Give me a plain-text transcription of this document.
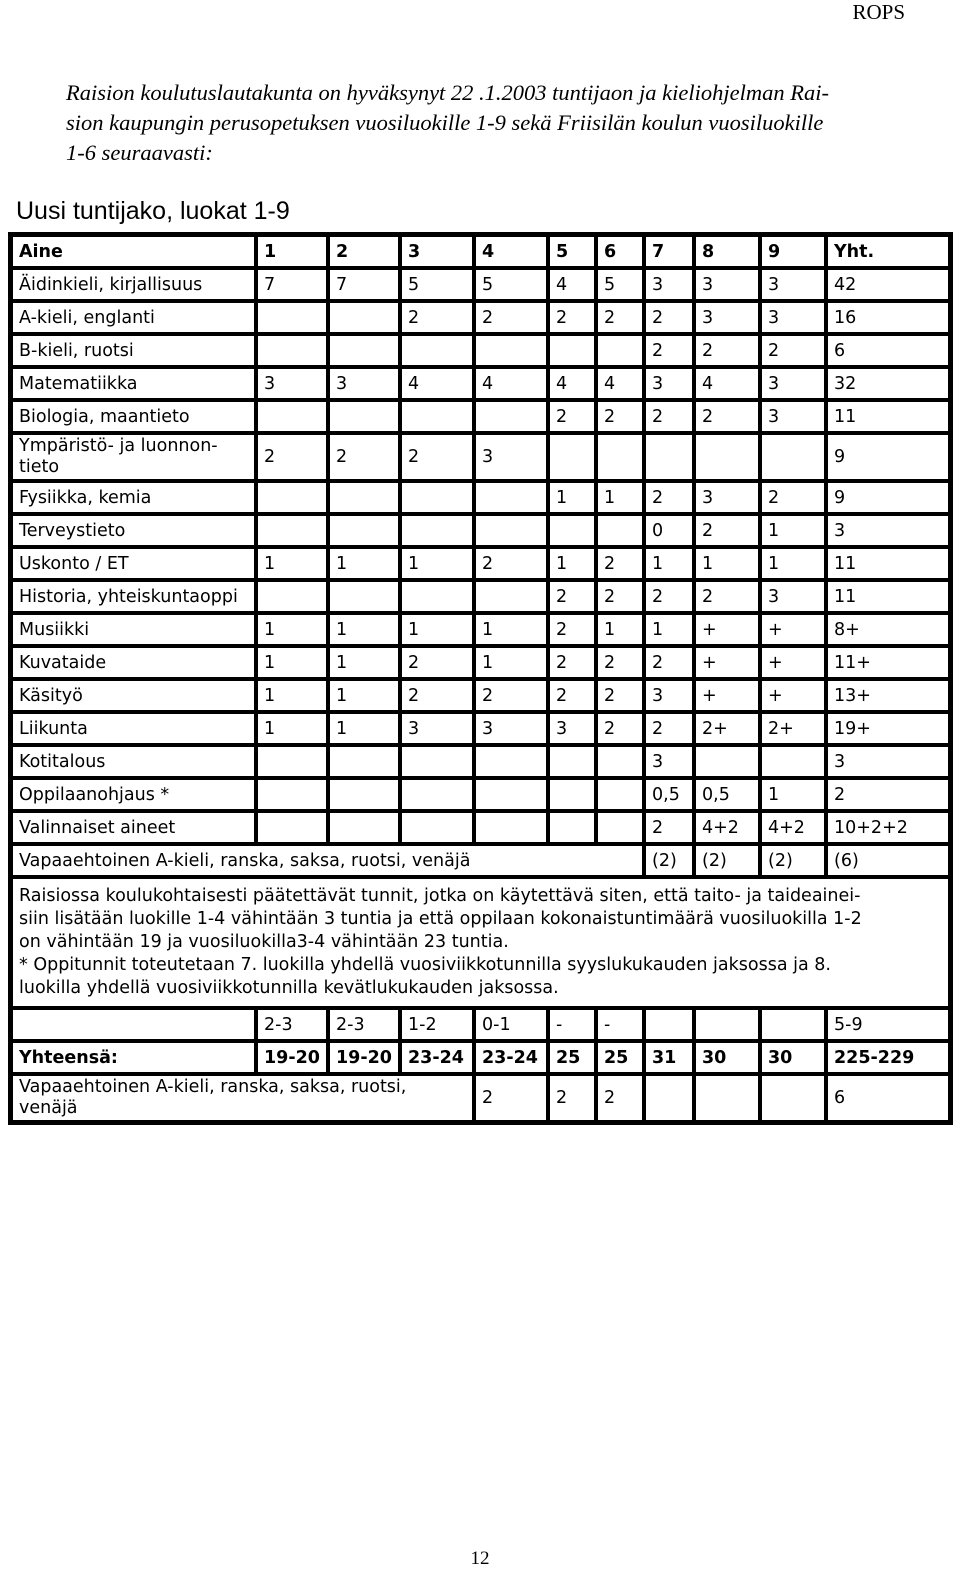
ROPS
Raision koulutuslautakunta on hyväksynyt 22 .1.2003 tuntijaon ja kieliohjelman Rai-
sion kaupungin perusopetuksen vuosiluokille 1-9 sekä Friisilän koulun vuosiluokille
1-6 seuraavasti:
Uusi tuntijako, luokat 1-9
Aine	1	2	3	4	5	6	7	8	9	Yht.
Äidinkieli, kirjallisuus	7	7	5	5	4	5	3	3	3	42
A-kieli, englanti			2	2	2	2	2	3	3	16
B-kieli, ruotsi							2	2	2	6
Matematiikka	3	3	4	4	4	4	3	4	3	32
Biologia, maantieto					2	2	2	2	3	11
Ympäristö- ja luonnon-tieto	2	2	2	3						9
Fysiikka, kemia					1	1	2	3	2	9
Terveystieto							0	2	1	3
Uskonto / ET	1	1	1	2	1	2	1	1	1	11
Historia, yhteiskuntaoppi					2	2	2	2	3	11
Musiikki	1	1	1	1	2	1	1	+	+	8+
Kuvataide	1	1	2	1	2	2	2	+	+	11+
Käsityö	1	1	2	2	2	2	3	+	+	13+
Liikunta	1	1	3	3	3	2	2	2+	2+	19+
Kotitalous							3			3
Oppilaanohjaus *							0,5	0,5	1	2
Valinnaiset aineet							2	4+2	4+2	10+2+2
Vapaaehtoinen A-kieli, ranska, saksa, ruotsi, venäjä							(2)	(2)	(2)	(6)

Raisiossa koulukohtaisesti päätettävät tunnit, jotka on käytettävä siten, että taito- ja taideainei-
siin lisätään luokille 1-4 vähintään 3 tuntia ja että oppilaan kokonaistuntimäärä vuosiluokilla 1-2
on vähintään 19 ja vuosiluokilla3-4 vähintään 23 tuntia.
* Oppitunnit toteutetaan 7. luokilla yhdellä vuosiviikkotunnilla syyslukukauden jaksossa ja 8.
luokilla yhdellä vuosiviikkotunnilla kevätlukukauden jaksossa.										

	2-3	2-3	1-2	0-1	-	-				5-9
Yhteensä:	19-20	19-20	23-24	23-24	25	25	31	30	30	225-229
Vapaaehtoinen A-kieli, ranska, saksa, ruotsi, venäjä				2	2	2				6
12
